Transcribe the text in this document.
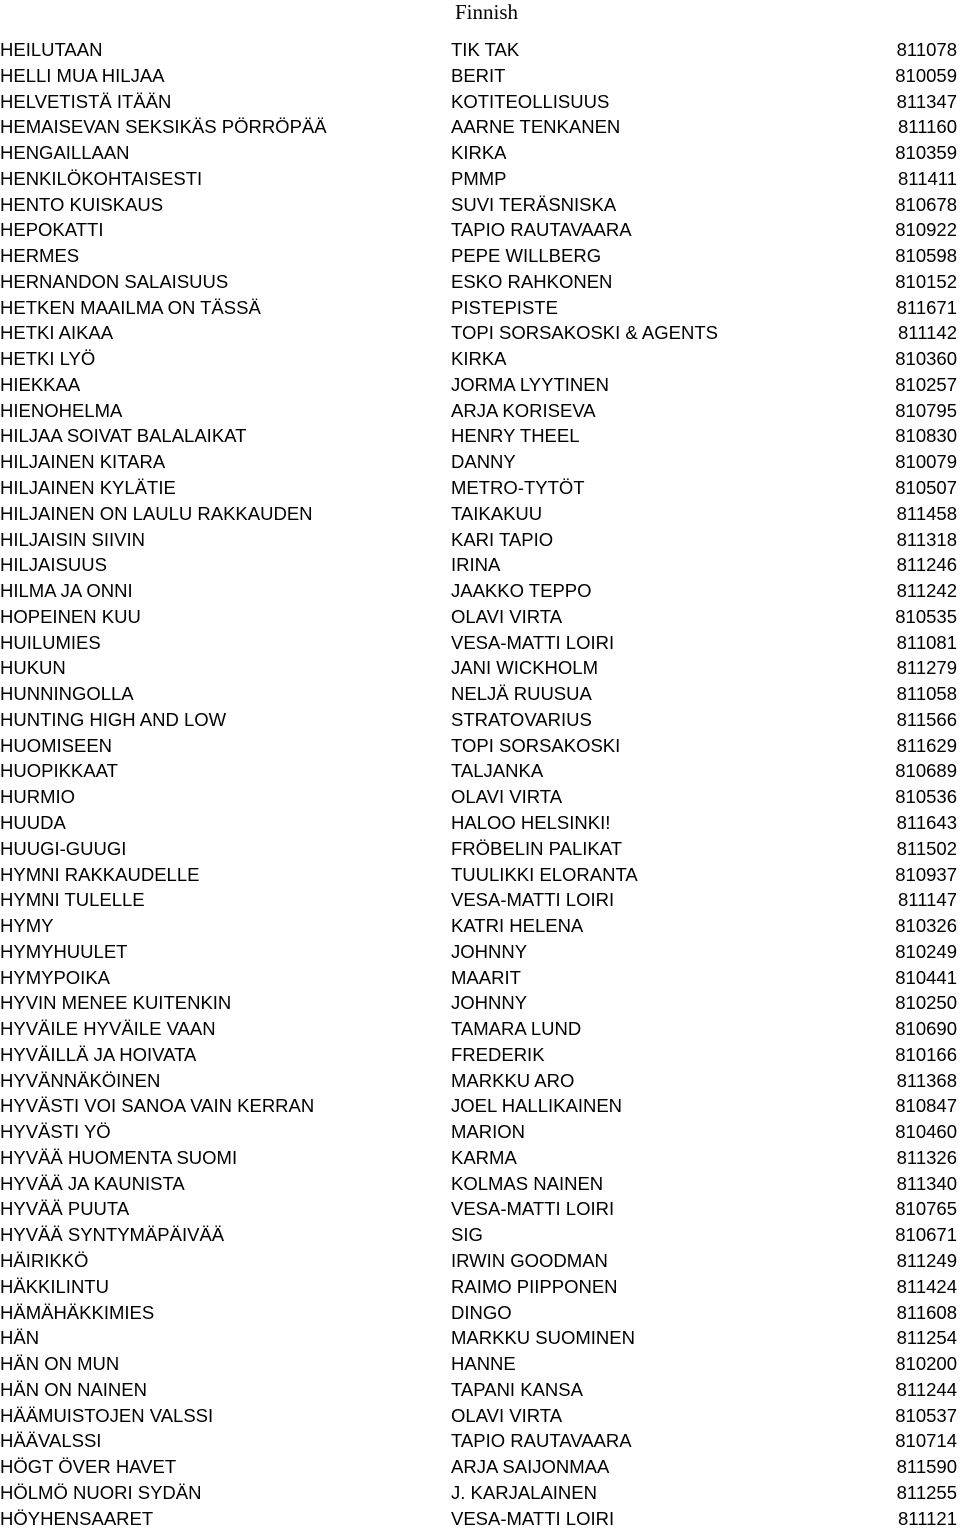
Finnish
HEILUTAAN	TIK TAK	811078
HELLI MUA HILJAA	BERIT	810059
HELVETISTÄ ITÄÄN	KOTITEOLLISUUS	811347
HEMAISEVAN SEKSIKÄS PÖRRÖPÄÄ	AARNE TENKANEN	811160
HENGAILLAAN	KIRKA	810359
HENKILÖKOHTAISESTI	PMMP	811411
HENTO KUISKAUS	SUVI TERÄSNISKA	810678
HEPOKATTI	TAPIO RAUTAVAARA	810922
HERMES	PEPE WILLBERG	810598
HERNANDON SALAISUUS	ESKO RAHKONEN	810152
HETKEN MAAILMA ON TÄSSÄ	PISTEPISTE	811671
HETKI AIKAA	TOPI SORSAKOSKI & AGENTS	811142
HETKI LYÖ	KIRKA	810360
HIEKKAA	JORMA LYYTINEN	810257
HIENOHELMA	ARJA KORISEVA	810795
HILJAA SOIVAT BALALAIKAT	HENRY THEEL	810830
HILJAINEN KITARA	DANNY	810079
HILJAINEN KYLÄTIE	METRO-TYTÖT	810507
HILJAINEN ON LAULU RAKKAUDEN	TAIKAKUU	811458
HILJAISIN SIIVIN	KARI TAPIO	811318
HILJAISUUS	IRINA	811246
HILMA JA ONNI	JAAKKO TEPPO	811242
HOPEINEN KUU	OLAVI VIRTA	810535
HUILUMIES	VESA-MATTI LOIRI	811081
HUKUN	JANI WICKHOLM	811279
HUNNINGOLLA	NELJÄ RUUSUA	811058
HUNTING HIGH AND LOW	STRATOVARIUS	811566
HUOMISEEN	TOPI SORSAKOSKI	811629
HUOPIKKAAT	TALJANKA	810689
HURMIO	OLAVI VIRTA	810536
HUUDA	HALOO HELSINKI!	811643
HUUGI-GUUGI	FRÖBELIN PALIKAT	811502
HYMNI RAKKAUDELLE	TUULIKKI ELORANTA	810937
HYMNI TULELLE	VESA-MATTI LOIRI	811147
HYMY	KATRI HELENA	810326
HYMYHUULET	JOHNNY	810249
HYMYPOIKA	MAARIT	810441
HYVIN MENEE KUITENKIN	JOHNNY	810250
HYVÄILE HYVÄILE VAAN	TAMARA LUND	810690
HYVÄILLÄ JA HOIVATA	FREDERIK	810166
HYVÄNNÄKÖINEN	MARKKU ARO	811368
HYVÄSTI VOI SANOA VAIN KERRAN	JOEL HALLIKAINEN	810847
HYVÄSTI YÖ	MARION	810460
HYVÄÄ HUOMENTA SUOMI	KARMA	811326
HYVÄÄ JA KAUNISTA	KOLMAS NAINEN	811340
HYVÄÄ PUUTA	VESA-MATTI LOIRI	810765
HYVÄÄ SYNTYMÄPÄIVÄÄ	SIG	810671
HÄIRIKKÖ	IRWIN GOODMAN	811249
HÄKKILINTU	RAIMO PIIPPONEN	811424
HÄMÄHÄKKIMIES	DINGO	811608
HÄN	MARKKU SUOMINEN	811254
HÄN ON MUN	HANNE	810200
HÄN ON NAINEN	TAPANI KANSA	811244
HÄÄMUISTOJEN VALSSI	OLAVI VIRTA	810537
HÄÄVALSSI	TAPIO RAUTAVAARA	810714
HÖGT ÖVER HAVET	ARJA SAIJONMAA	811590
HÖLMÖ NUORI SYDÄN	J. KARJALAINEN	811255
HÖYHENSAARET	VESA-MATTI LOIRI	811121
